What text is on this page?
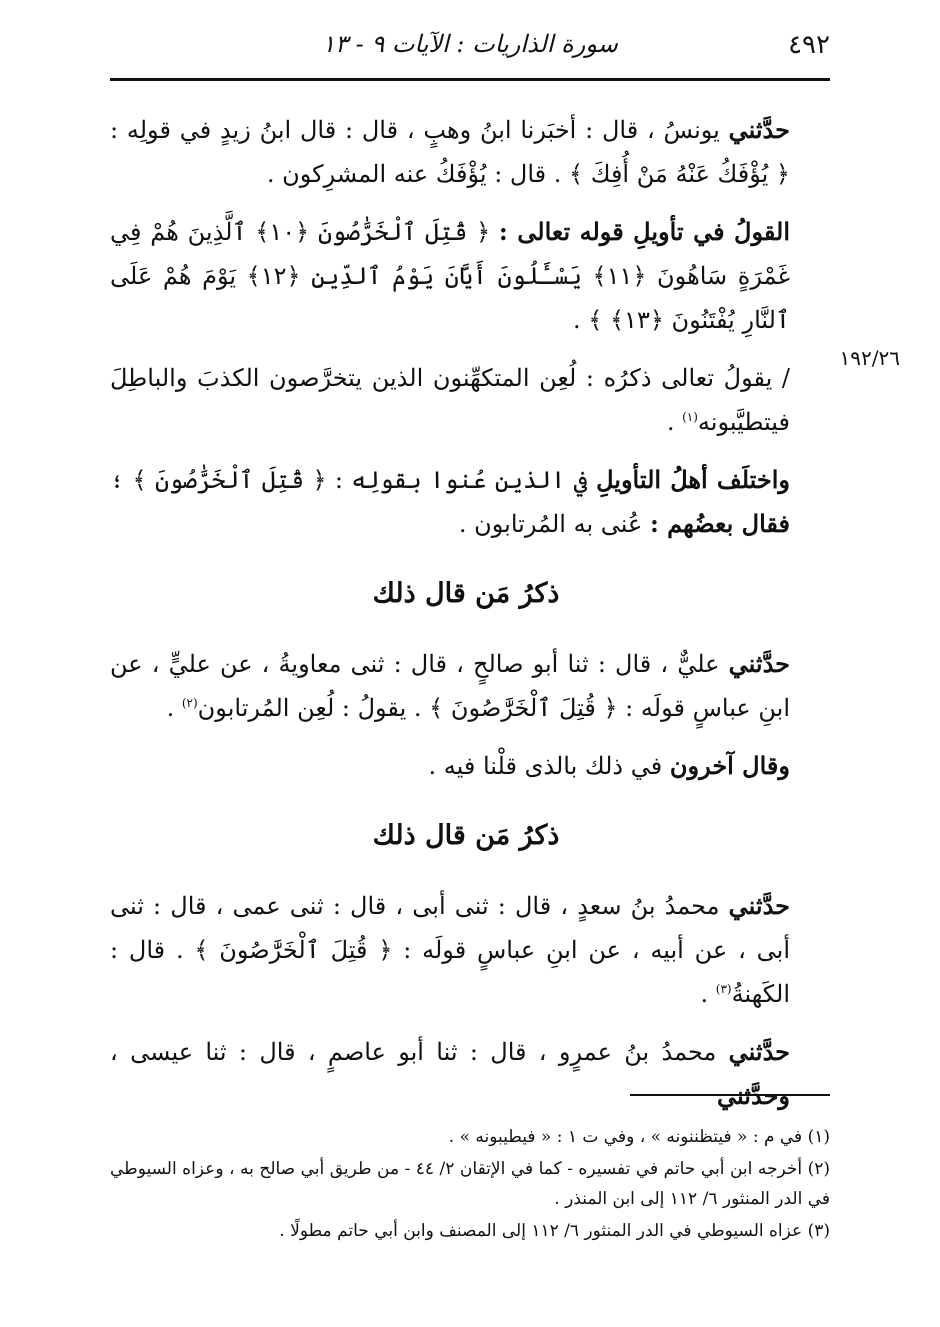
٤٩٢
سورة الذاريات : الآيات ٩ - ١٣
١٩٢/٢٦

حدَّثني يونسُ ، قال : أخبَرنا ابنُ وهبٍ ، قال : قال ابنُ زيدٍ في قولِه : ﴿ يُؤْفَكُ عَنْهُ مَنْ أُفِكَ ﴾ . قال : يُؤْفَكُ عنه المشرِكون .

القولُ في تأويلِ قوله تعالى : ﴿ قُتِلَ ٱلْخَرَّٰصُونَ ﴿١٠﴾ ٱلَّذِينَ هُمْ فِي غَمْرَةٍ سَاهُونَ ﴿١١﴾ يَسْـَٔلُونَ أَيَّانَ يَوْمُ ٱلدِّينِ ﴿١٢﴾ يَوْمَ هُمْ عَلَى ٱلنَّارِ يُفْتَنُونَ ﴿١٣﴾ ﴾ .

/ يقولُ تعالى ذكرُه : لُعِن المتكهِّنون الذين يتخرَّصون الكذبَ والباطِلَ فيتطيَّبونه$^{(١)}$ .

واختلَف أهلُ التأويلِ في الذين عُنوا بقولِه : ﴿ قُتِلَ ٱلْخَرَّٰصُونَ ﴾ ؛ فقال بعضُهم : عُنى به المُرتابون .

ذكرُ مَن قال ذلك

حدَّثني عليٌّ ، قال : ثنا أبو صالحٍ ، قال : ثنى معاويةُ ، عن عليٍّ ، عن ابنِ عباسٍ قولَه : ﴿ قُتِلَ ٱلْخَرَّٰصُونَ ﴾ . يقولُ : لُعِن المُرتابون$^{(٢)}$ .

وقال آخرون في ذلك بالذى قلْنا فيه .

ذكرُ مَن قال ذلك

حدَّثني محمدُ بنُ سعدٍ ، قال : ثنى أبى ، قال : ثنى عمى ، قال : ثنى أبى ، عن أبيه ، عن ابنِ عباسٍ قولَه : ﴿ قُتِلَ ٱلْخَرَّٰصُونَ ﴾ . قال : الكَهنةُ$^{(٣)}$ .

حدَّثني محمدُ بنُ عمرٍو ، قال : ثنا أبو عاصمٍ ، قال : ثنا عيسى ، وحدَّثني

(١) في م : « فيتظننونه » ، وفي ت ١ : « فيطيبونه » .

(٢) أخرجه ابن أبي حاتم في تفسيره - كما في الإتقان ٢/ ٤٤ - من طريق أبي صالح به ، وعزاه السيوطي في الدر المنثور ٦/ ١١٢ إلى ابن المنذر .

(٣) عزاه السيوطي في الدر المنثور ٦/ ١١٢ إلى المصنف وابن أبي حاتم مطولًا .
